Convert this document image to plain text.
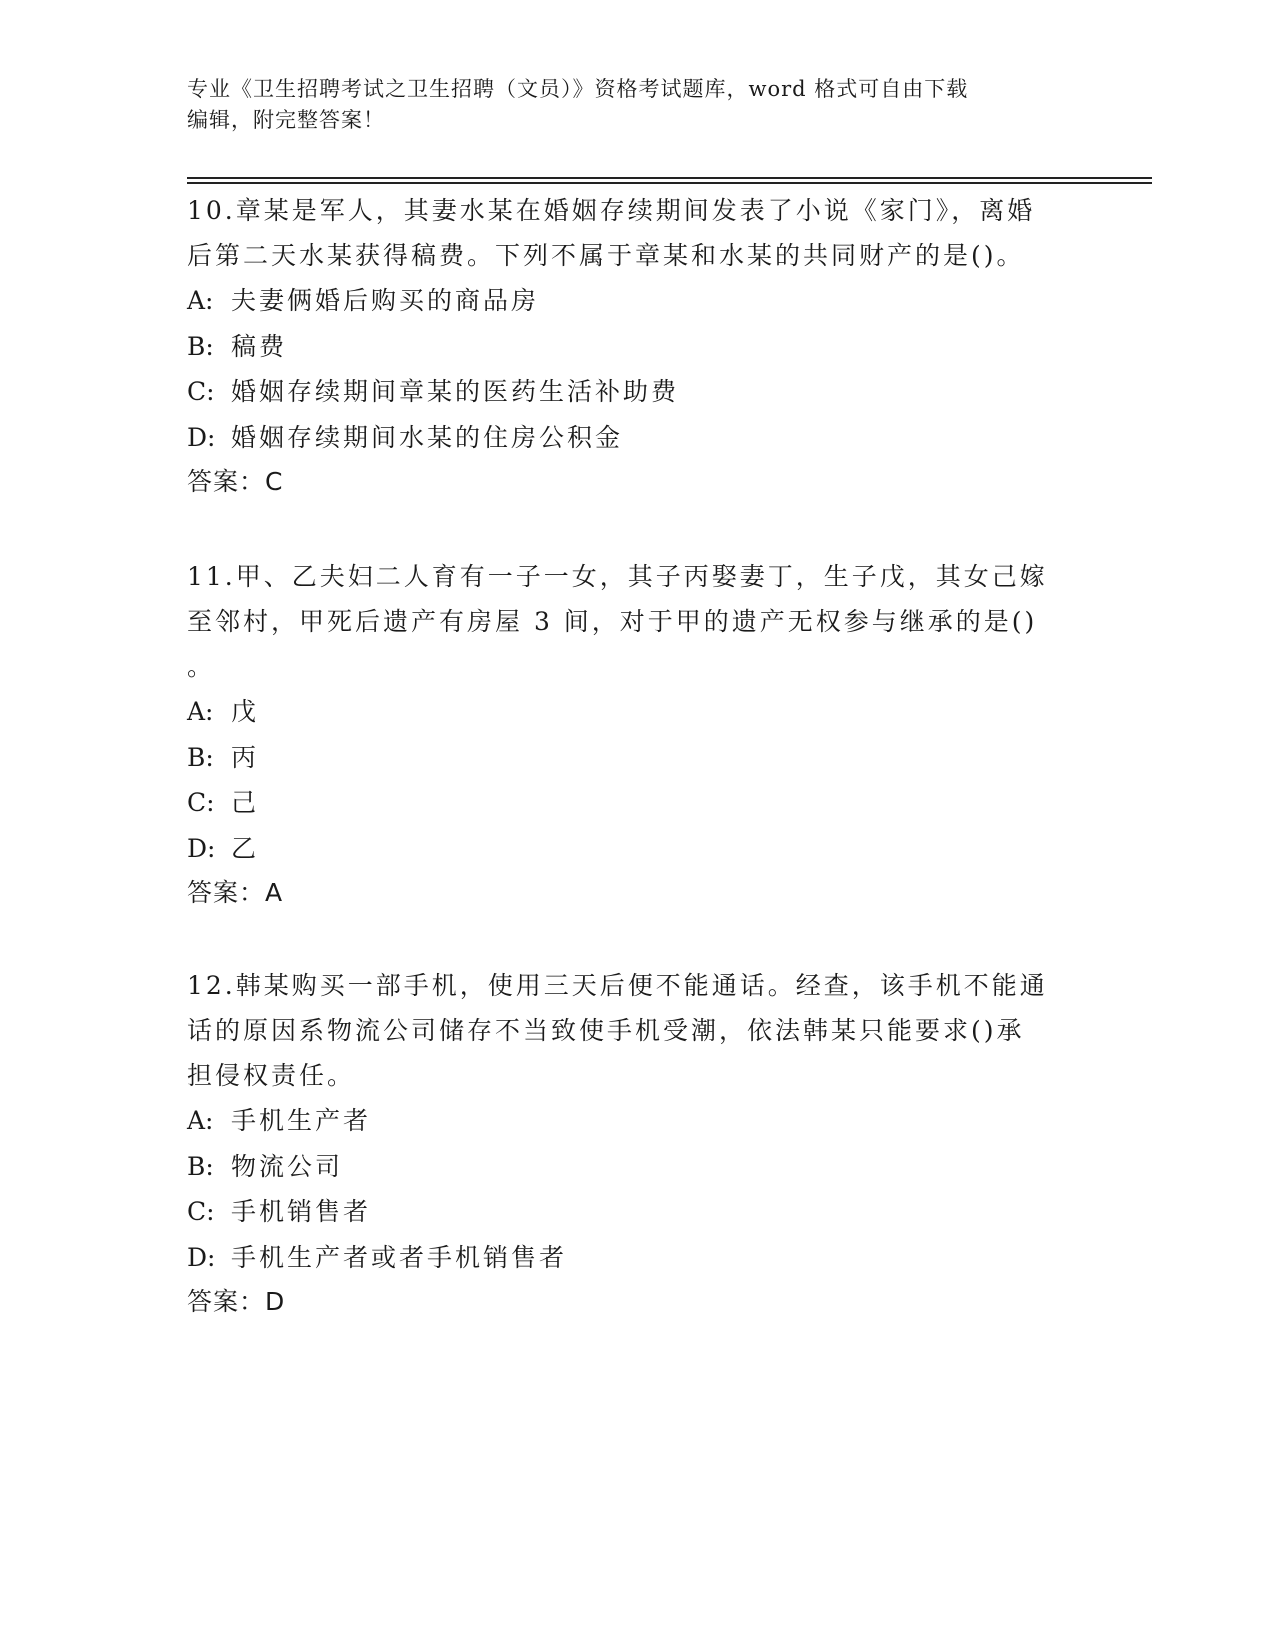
专业《卫生招聘考试之卫生招聘（文员）》资格考试题库，word 格式可自由下载
编辑，附完整答案！

10.章某是军人，其妻水某在婚姻存续期间发表了小说《家门》，离婚

后第二天水某获得稿费。下列不属于章某和水某的共同财产的是()。

A: 夫妻俩婚后购买的商品房

B: 稿费

C: 婚姻存续期间章某的医药生活补助费

D: 婚姻存续期间水某的住房公积金

答案：C

11.甲、乙夫妇二人育有一子一女，其子丙娶妻丁，生子戊，其女己嫁

至邻村，甲死后遗产有房屋 3 间，对于甲的遗产无权参与继承的是()

。

A: 戊

B: 丙

C: 己

D: 乙

答案：A

12.韩某购买一部手机，使用三天后便不能通话。经查，该手机不能通

话的原因系物流公司储存不当致使手机受潮，依法韩某只能要求()承

担侵权责任。

A: 手机生产者

B: 物流公司

C: 手机销售者

D: 手机生产者或者手机销售者

答案：D
